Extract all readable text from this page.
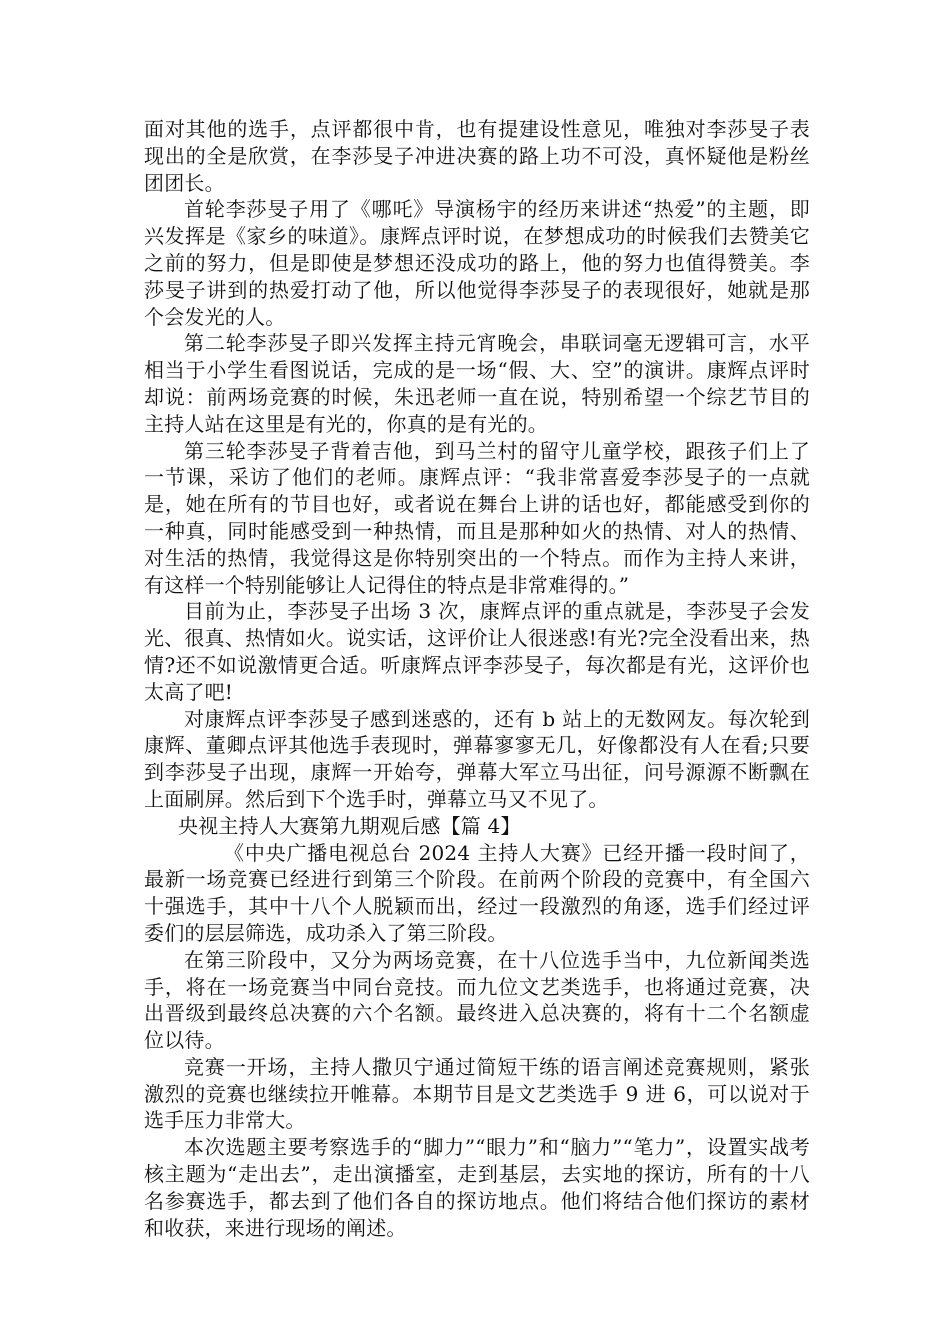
面对其他的选手，点评都很中肯，也有提建设性意见，唯独对李莎旻子表现出的全是欣赏，在李莎旻子冲进决赛的路上功不可没，真怀疑他是粉丝团团长。

首轮李莎旻子用了《哪吒》导演杨宇的经历来讲述“热爱”的主题，即兴发挥是《家乡的味道》。康辉点评时说，在梦想成功的时候我们去赞美它之前的努力，但是即使是梦想还没成功的路上，他的努力也值得赞美。李莎旻子讲到的热爱打动了他，所以他觉得李莎旻子的表现很好，她就是那个会发光的人。

第二轮李莎旻子即兴发挥主持元宵晚会，串联词毫无逻辑可言，水平相当于小学生看图说话，完成的是一场“假、大、空”的演讲。康辉点评时却说：前两场竞赛的时候，朱迅老师一直在说，特别希望一个综艺节目的主持人站在这里是有光的，你真的是有光的。

第三轮李莎旻子背着吉他，到马兰村的留守儿童学校，跟孩子们上了一节课，采访了他们的老师。康辉点评：“我非常喜爱李莎旻子的一点就是，她在所有的节目也好，或者说在舞台上讲的话也好，都能感受到你的一种真，同时能感受到一种热情，而且是那种如火的热情、对人的热情、对生活的热情，我觉得这是你特别突出的一个特点。而作为主持人来讲，有这样一个特别能够让人记得住的特点是非常难得的。”

目前为止，李莎旻子出场 3 次，康辉点评的重点就是，李莎旻子会发光、很真、热情如火。说实话，这评价让人很迷惑!有光?完全没看出来，热情?还不如说激情更合适。听康辉点评李莎旻子，每次都是有光，这评价也太高了吧!

对康辉点评李莎旻子感到迷惑的，还有 b 站上的无数网友。每次轮到康辉、董卿点评其他选手表现时，弹幕寥寥无几，好像都没有人在看;只要到李莎旻子出现，康辉一开始夸，弹幕大军立马出征，问号源源不断飘在上面刷屏。然后到下个选手时，弹幕立马又不见了。

央视主持人大赛第九期观后感【篇 4】

《中央广播电视总台 2024 主持人大赛》已经开播一段时间了，最新一场竞赛已经进行到第三个阶段。在前两个阶段的竞赛中，有全国六十强选手，其中十八个人脱颖而出，经过一段激烈的角逐，选手们经过评委们的层层筛选，成功杀入了第三阶段。

在第三阶段中，又分为两场竞赛，在十八位选手当中，九位新闻类选手，将在一场竞赛当中同台竞技。而九位文艺类选手，也将通过竞赛，决出晋级到最终总决赛的六个名额。最终进入总决赛的，将有十二个名额虚位以待。

竞赛一开场，主持人撒贝宁通过简短干练的语言阐述竞赛规则，紧张激烈的竞赛也继续拉开帷幕。本期节目是文艺类选手 9 进 6，可以说对于选手压力非常大。

本次选题主要考察选手的“脚力”“眼力”和“脑力”“笔力”，设置实战考核主题为“走出去”，走出演播室，走到基层，去实地的探访，所有的十八名参赛选手，都去到了他们各自的探访地点。他们将结合他们探访的素材和收获，来进行现场的阐述。
